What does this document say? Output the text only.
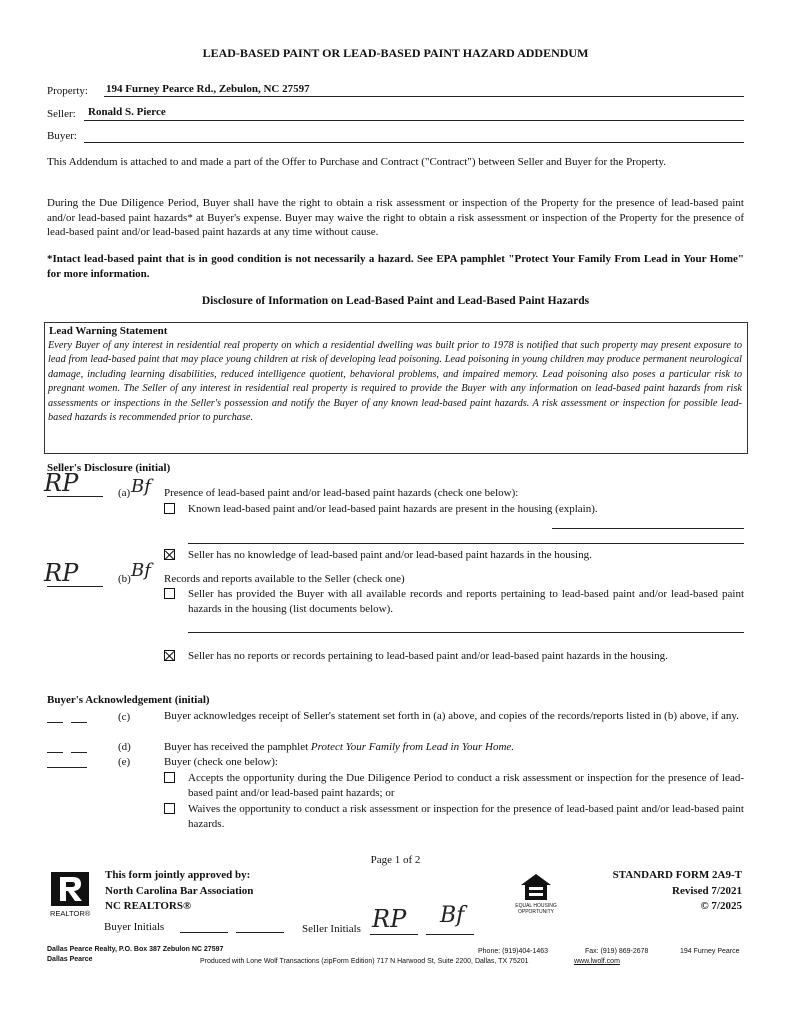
LEAD-BASED PAINT OR LEAD-BASED PAINT HAZARD ADDENDUM
Property: 194 Furney Pearce Rd., Zebulon, NC 27597
Seller: Ronald S. Pierce
Buyer:
This Addendum is attached to and made a part of the Offer to Purchase and Contract ("Contract") between Seller and Buyer for the Property.
During the Due Diligence Period, Buyer shall have the right to obtain a risk assessment or inspection of the Property for the presence of lead-based paint and/or lead-based paint hazards* at Buyer's expense. Buyer may waive the right to obtain a risk assessment or inspection of the Property for the presence of lead-based paint and/or lead-based paint hazards at any time without cause.
*Intact lead-based paint that is in good condition is not necessarily a hazard. See EPA pamphlet "Protect Your Family From Lead in Your Home" for more information.
Disclosure of Information on Lead-Based Paint and Lead-Based Paint Hazards
Lead Warning Statement
Every Buyer of any interest in residential real property on which a residential dwelling was built prior to 1978 is notified that such property may present exposure to lead from lead-based paint that may place young children at risk of developing lead poisoning. Lead poisoning in young children may produce permanent neurological damage, including learning disabilities, reduced intelligence quotient, behavioral problems, and impaired memory. Lead poisoning also poses a particular risk to pregnant women. The Seller of any interest in residential real property is required to provide the Buyer with any information on lead-based paint hazards from risk assessments or inspections in the Seller's possession and notify the Buyer of any known lead-based paint hazards. A risk assessment or inspection for possible lead-based hazards is recommended prior to purchase.
Seller's Disclosure (initial)
RP	(a) Bf Presence of lead-based paint and/or lead-based paint hazards (check one below):
Known lead-based paint and/or lead-based paint hazards are present in the housing (explain).
Seller has no knowledge of lead-based paint and/or lead-based paint hazards in the housing.
RP	(b) Bf Records and reports available to the Seller (check one)
Seller has provided the Buyer with all available records and reports pertaining to lead-based paint and/or lead-based paint hazards in the housing (list documents below).
Seller has no reports or records pertaining to lead-based paint and/or lead-based paint hazards in the housing.
Buyer's Acknowledgement (initial)
(c)	Buyer acknowledges receipt of Seller's statement set forth in (a) above, and copies of the records/reports listed in (b) above, if any.
(d)	Buyer has received the pamphlet Protect Your Family from Lead in Your Home.
(e)	Buyer (check one below):
Accepts the opportunity during the Due Diligence Period to conduct a risk assessment or inspection for the presence of lead-based paint and/or lead-based paint hazards; or
Waives the opportunity to conduct a risk assessment or inspection for the presence of lead-based paint and/or lead-based paint hazards.
Page 1 of 2
REALTOR®
This form jointly approved by:
North Carolina Bar Association
NC REALTORS®	EQUAL HOUSING OPPORTUNITY
STANDARD FORM 2A9-T
Revised 7/2021
© 7/2025
Buyer Initials	Seller Initials RP Bf
Dallas Pearce Realty, P.O. Box 387 Zebulon NC 27597
Dallas Pearce
Phone: (919)404-1463	Fax: (919) 869-2678	194 Furney Pearce
Produced with Lone Wolf Transactions (zipForm Edition) 717 N Harwood St, Suite 2200, Dallas, TX 75201	www.lwolf.com
